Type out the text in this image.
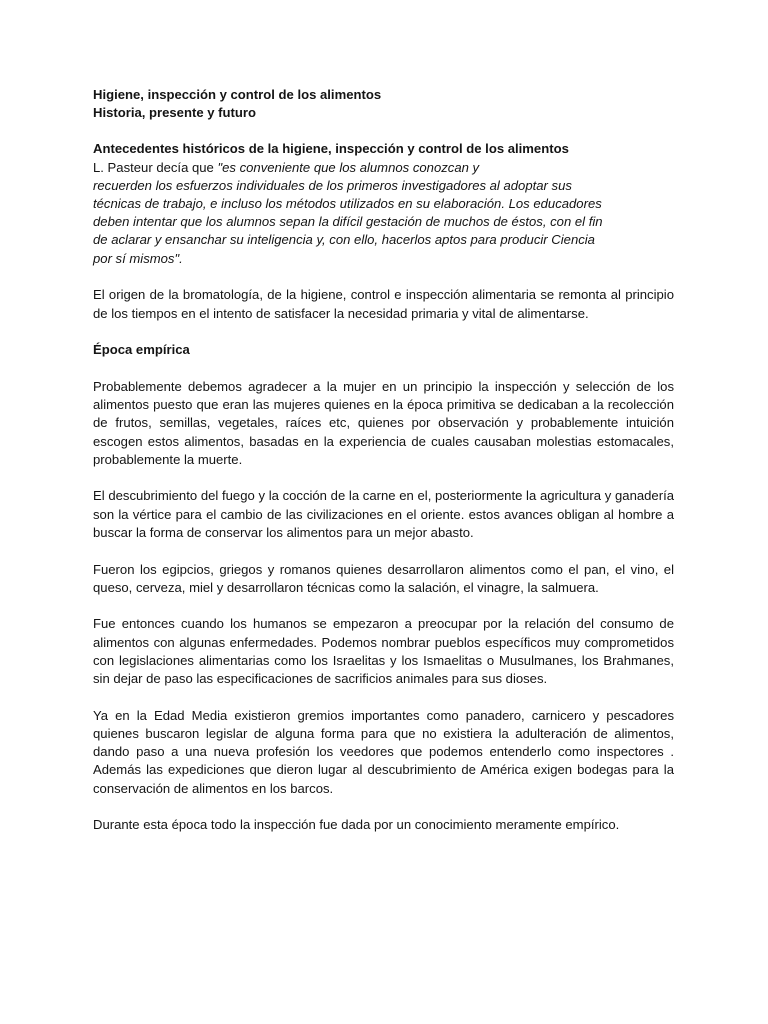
Higiene, inspección y control de los alimentos
Historia, presente y futuro
Antecedentes históricos de la higiene, inspección y control de los alimentos
L. Pasteur decía que "es conveniente que los alumnos conozcan y
recuerden los esfuerzos individuales de los primeros investigadores al adoptar sus
técnicas de trabajo, e incluso los métodos utilizados en su elaboración. Los educadores
deben intentar que los alumnos sepan la difícil gestación de muchos de éstos, con el fin
de aclarar y ensanchar su inteligencia y, con ello, hacerlos aptos para producir Ciencia
por sí mismos".
El origen de la bromatología, de la higiene, control e inspección alimentaria se remonta al principio de los tiempos en el intento de satisfacer la necesidad primaria y vital de alimentarse.
Época empírica
Probablemente debemos agradecer a la mujer en un principio la inspección y selección de los alimentos puesto que eran las mujeres quienes en la época primitiva se dedicaban a la recolección de frutos, semillas, vegetales, raíces etc, quienes por observación y probablemente intuición escogen estos alimentos, basadas en la experiencia de cuales causaban molestias estomacales, probablemente la muerte.
El descubrimiento del fuego y la cocción de la carne en el, posteriormente la agricultura y ganadería son la vértice para el cambio de las civilizaciones en el oriente. estos avances obligan al hombre a buscar la forma de conservar los alimentos para un mejor abasto.
Fueron los egipcios, griegos y romanos quienes desarrollaron alimentos como el pan, el vino, el queso, cerveza, miel y desarrollaron técnicas como la salación, el vinagre, la salmuera.
Fue entonces cuando los humanos se empezaron a preocupar por la relación del consumo de alimentos con algunas enfermedades. Podemos nombrar pueblos específicos muy comprometidos con legislaciones alimentarias como los Israelitas y los Ismaelitas o Musulmanes, los Brahmanes, sin dejar de paso las especificaciones de sacrificios animales para sus dioses.
Ya en la Edad Media existieron gremios importantes como panadero, carnicero y pescadores quienes buscaron legislar de alguna forma para que no existiera la adulteración de alimentos, dando paso a una nueva profesión los veedores que podemos entenderlo como inspectores . Además las expediciones que dieron lugar al descubrimiento de América exigen bodegas para la conservación de alimentos en los barcos.
Durante esta época todo la inspección fue dada por un conocimiento meramente empírico.
